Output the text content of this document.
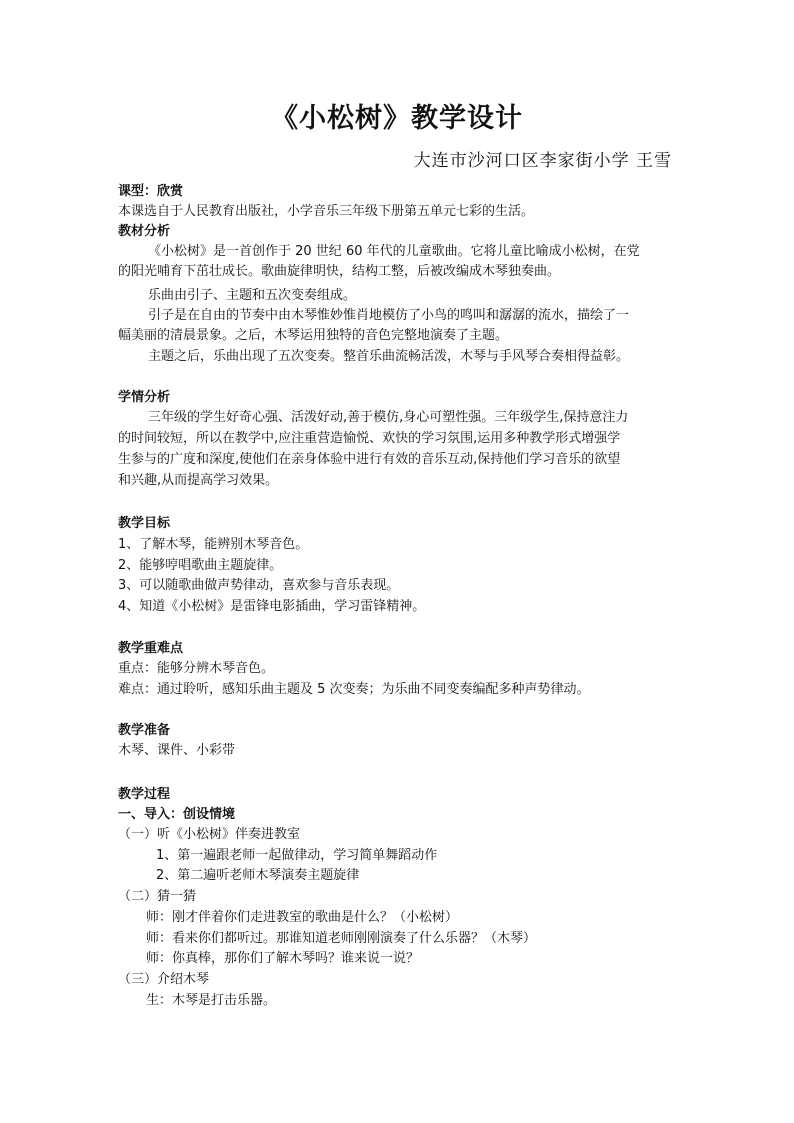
《小松树》教学设计
大连市沙河口区李家街小学 王雪
课型：欣赏
本课选自于人民教育出版社，小学音乐三年级下册第五单元七彩的生活。
教材分析
《小松树》是一首创作于 20 世纪 60 年代的儿童歌曲。它将儿童比喻成小松树，在党
的阳光哺育下茁壮成长。歌曲旋律明快，结构工整，后被改编成木琴独奏曲。
乐曲由引子、主题和五次变奏组成。
引子是在自由的节奏中由木琴惟妙惟肖地模仿了小鸟的鸣叫和潺潺的流水，描绘了一
幅美丽的清晨景象。之后，木琴运用独特的音色完整地演奏了主题。
主题之后，乐曲出现了五次变奏。整首乐曲流畅活泼，木琴与手风琴合奏相得益彰。
学情分析
三年级的学生好奇心强、活泼好动,善于模仿,身心可塑性强。三年级学生,保持意注力
的时间较短，所以在教学中,应注重营造愉悦、欢快的学习氛围,运用多种教学形式增强学
生参与的广度和深度,使他们在亲身体验中进行有效的音乐互动,保持他们学习音乐的欲望
和兴趣,从而提高学习效果。
教学目标
1、了解木琴，能辨别木琴音色。
2、能够哼唱歌曲主题旋律。
3、可以随歌曲做声势律动，喜欢参与音乐表现。
4、知道《小松树》是雷锋电影插曲，学习雷锋精神。
教学重难点
重点：能够分辨木琴音色。
难点：通过聆听，感知乐曲主题及 5 次变奏；为乐曲不同变奏编配多种声势律动。
教学准备
木琴、课件、小彩带
教学过程
一、导入：创设情境
（一）听《小松树》伴奏进教室
1、第一遍跟老师一起做律动，学习简单舞蹈动作
2、第二遍听老师木琴演奏主题旋律
（二）猜一猜
师：刚才伴着你们走进教室的歌曲是什么？（小松树）
师：看来你们都听过。那谁知道老师刚刚演奏了什么乐器？（木琴）
师：你真棒，那你们了解木琴吗？谁来说一说？
（三）介绍木琴
生：木琴是打击乐器。
